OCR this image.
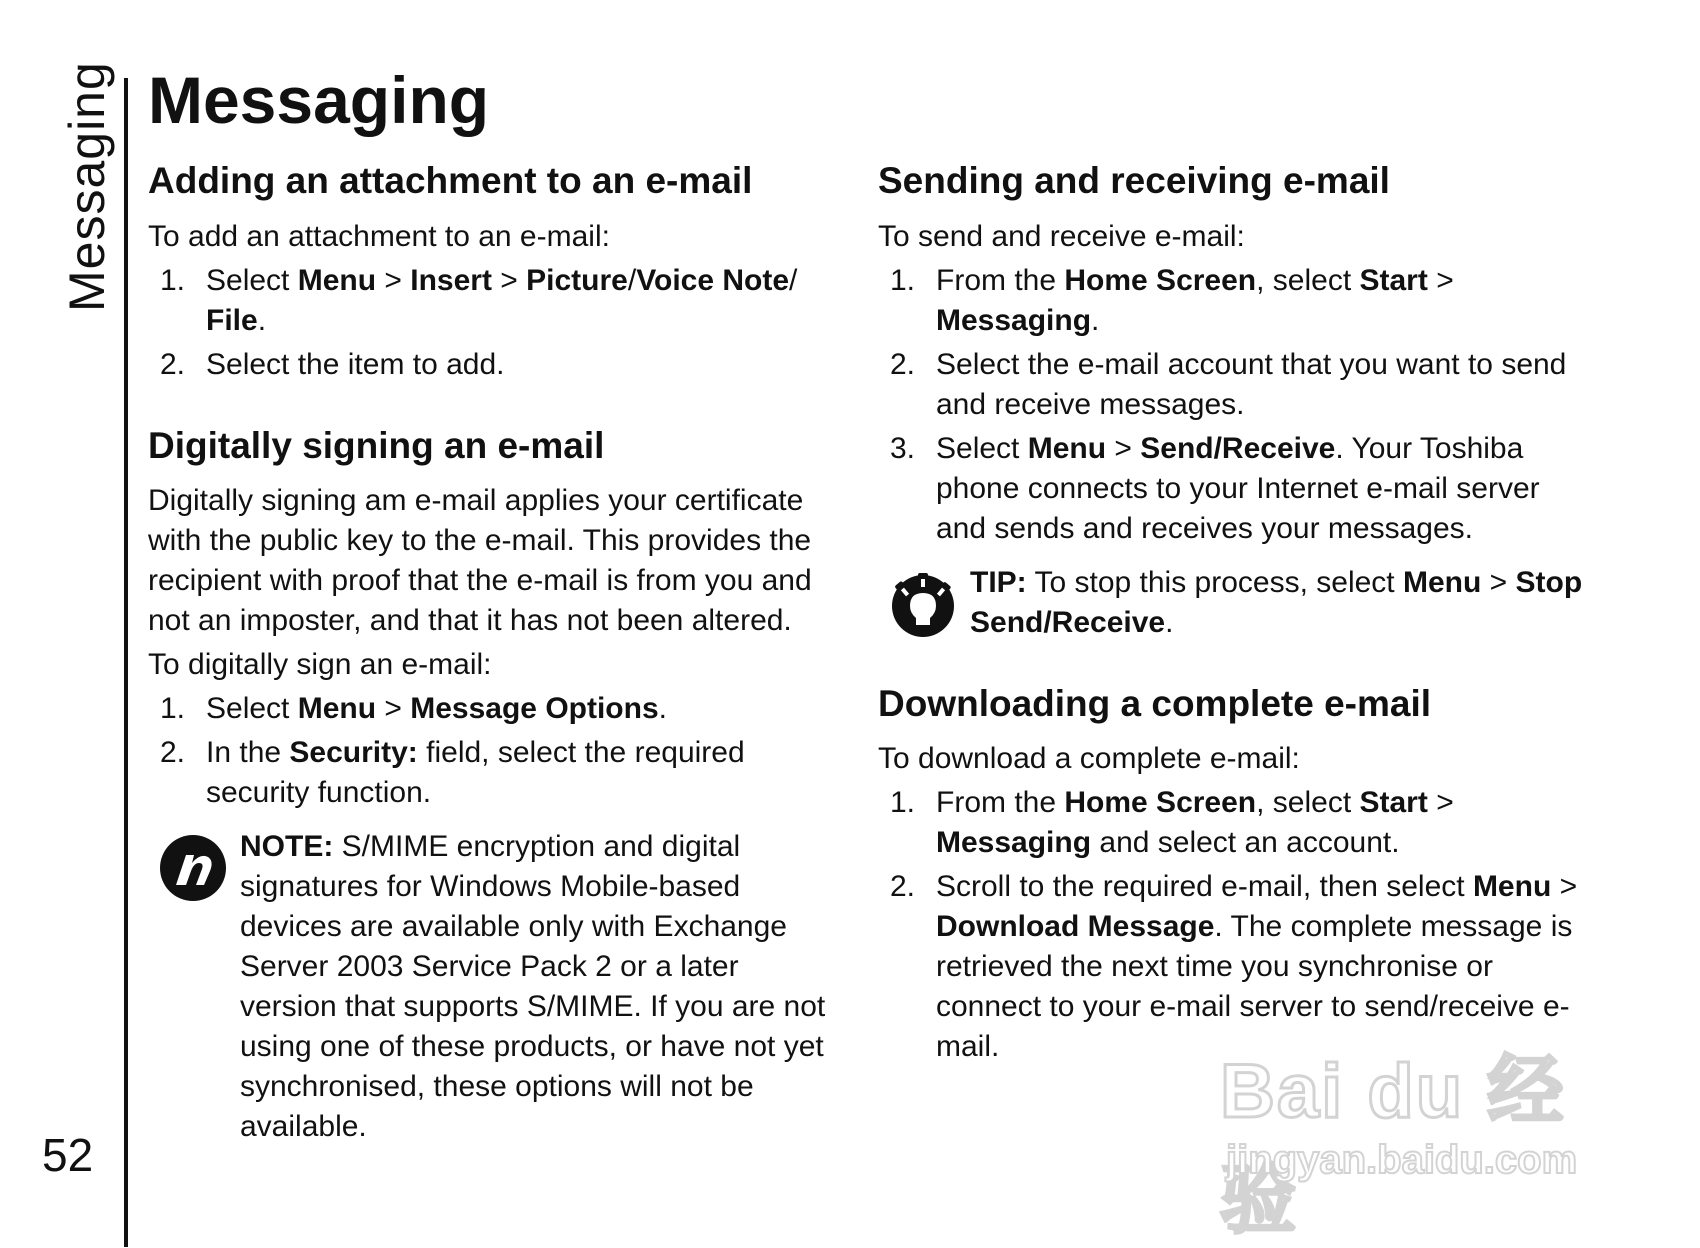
Messaging
52
Messaging
Adding an attachment to an e-mail

To add an attachment to an e-mail:

1. Select Menu > Insert > Picture/Voice Note/ File.
2. Select the item to add.
Digitally signing an e-mail

Digitally signing am e-mail applies your certificate with the public key to the e-mail. This provides the recipient with proof that the e-mail is from you and not an imposter, and that it has not been altered.

To digitally sign an e-mail:

1. Select Menu > Message Options.
2. In the Security: field, select the required security function.

NOTE: S/MIME encryption and digital signatures for Windows Mobile-based devices are available only with Exchange Server 2003 Service Pack 2 or a later version that supports S/MIME. If you are not using one of these products, or have not yet synchronised, these options will not be available.

Sending and receiving e-mail

To send and receive e-mail:

1. From the Home Screen, select Start > Messaging.
2. Select the e-mail account that you want to send and receive messages.
3. Select Menu > Send/Receive. Your Toshiba phone connects to your Internet e-mail server and sends and receives your messages.

TIP: To stop this process, select Menu > Stop Send/Receive.

Downloading a complete e-mail

To download a complete e-mail:

1. From the Home Screen, select Start > Messaging and select an account.
2. Scroll to the required e-mail, then select Menu > Download Message. The complete message is retrieved the next time you synchronise or connect to your e-mail server to send/receive e-mail.
Bai du 经验
jingyan.baidu.com
